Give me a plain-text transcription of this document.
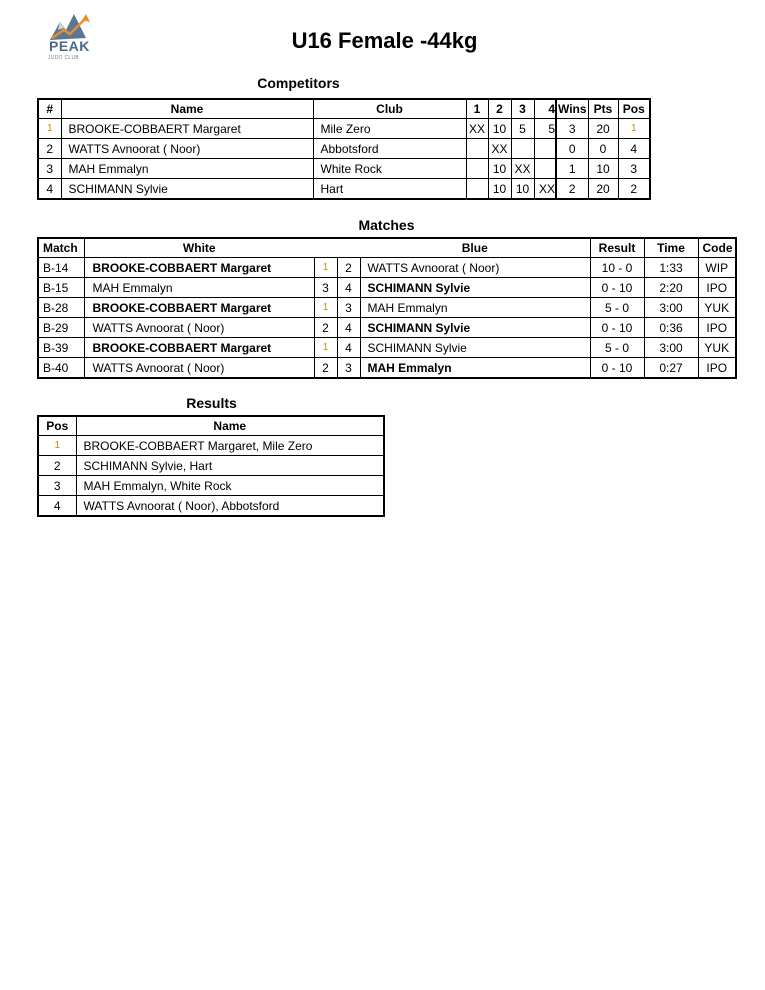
PEAK
JUDO CLUB
U16 Female -44kg
Competitors
#	Name	Club	1	2	3	4	Wins	Pts	Pos
1	BROOKE-COBBAERT Margaret	Mile Zero	XX	10	5	5	3	20	1
2	WATTS Avnoorat ( Noor)	Abbotsford		XX			0	0	4
3	MAH Emmalyn	White Rock		10	XX		1	10	3
4	SCHIMANN Sylvie	Hart		10	10	XX	2	20	2
Matches
Match	White			Blue	Result	Time	Code
B-14	BROOKE-COBBAERT Margaret	1	2	WATTS Avnoorat ( Noor)	10 - 0	1:33	WIP
B-15	MAH Emmalyn	3	4	SCHIMANN Sylvie	0 - 10	2:20	IPO
B-28	BROOKE-COBBAERT Margaret	1	3	MAH Emmalyn	5 - 0	3:00	YUK
B-29	WATTS Avnoorat ( Noor)	2	4	SCHIMANN Sylvie	0 - 10	0:36	IPO
B-39	BROOKE-COBBAERT Margaret	1	4	SCHIMANN Sylvie	5 - 0	3:00	YUK
B-40	WATTS Avnoorat ( Noor)	2	3	MAH Emmalyn	0 - 10	0:27	IPO
Results
Pos	Name
1	BROOKE-COBBAERT Margaret, Mile Zero
2	SCHIMANN Sylvie, Hart
3	MAH Emmalyn, White Rock
4	WATTS Avnoorat ( Noor), Abbotsford
